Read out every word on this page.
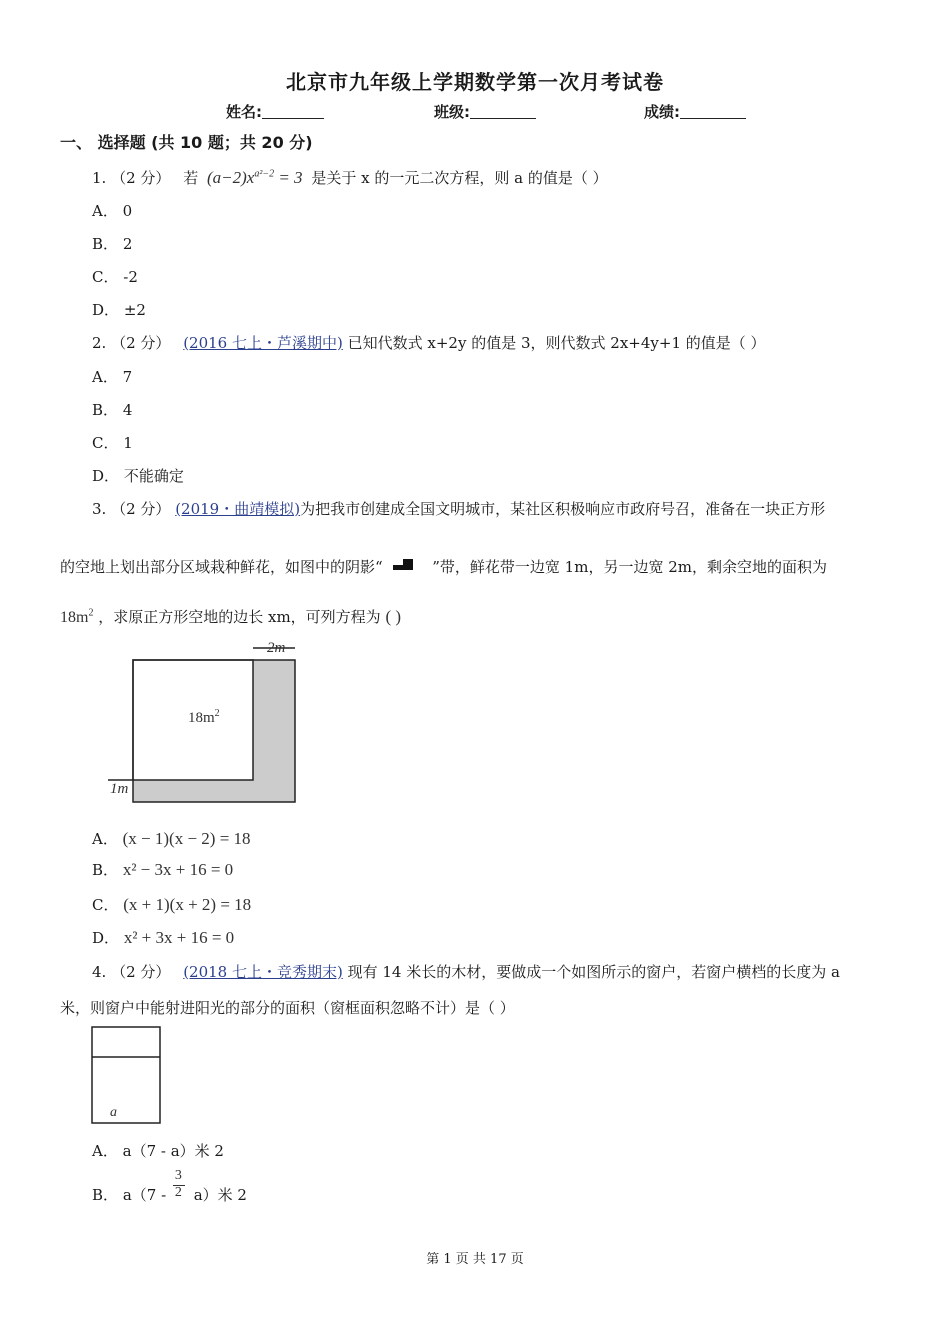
北京市九年级上学期数学第一次月考试卷
姓名:	班级:	成绩:
一、 选择题 (共 10 题；共 20 分)
1. （2 分） 若 $(a-2)x^{a^2-2} = 3$ 是关于 x 的一元二次方程，则 a 的值是（ ）
A． 0
B． 2
C． -2
D． ±2
2. （2 分） (2016 七上・芦溪期中) 已知代数式 x+2y 的值是 3，则代数式 2x+4y+1 的值是（ ）
A． 7
B． 4
C． 1
D． 不能确定
3. （2 分） (2019・曲靖模拟)为把我市创建成全国文明城市，某社区积极响应市政府号召，准备在一块正方形
的空地上划出部分区域栽种鲜花，如图中的阴影“	”带，鲜花带一边宽 1m，另一边宽 2m，剩余空地的面积为
$18m^2$ ，求原正方形空地的边长 xm，可列方程为 ( )
2m
$18m^2$
1m
A． (x − 1)(x − 2) = 18
B． x² − 3x + 16 = 0
C． (x + 1)(x + 2) = 18
D． x² + 3x + 16 = 0
4. （2 分） (2018 七上・竞秀期末) 现有 14 米长的木材，要做成一个如图所示的窗户，若窗户横档的长度为 a
米，则窗户中能射进阳光的部分的面积（窗框面积忽略不计）是（ ）
a
A． a（7 - a）米 2
B． $a(7 - \frac{3}{2} a)$米 2
第 1 页 共 17 页
